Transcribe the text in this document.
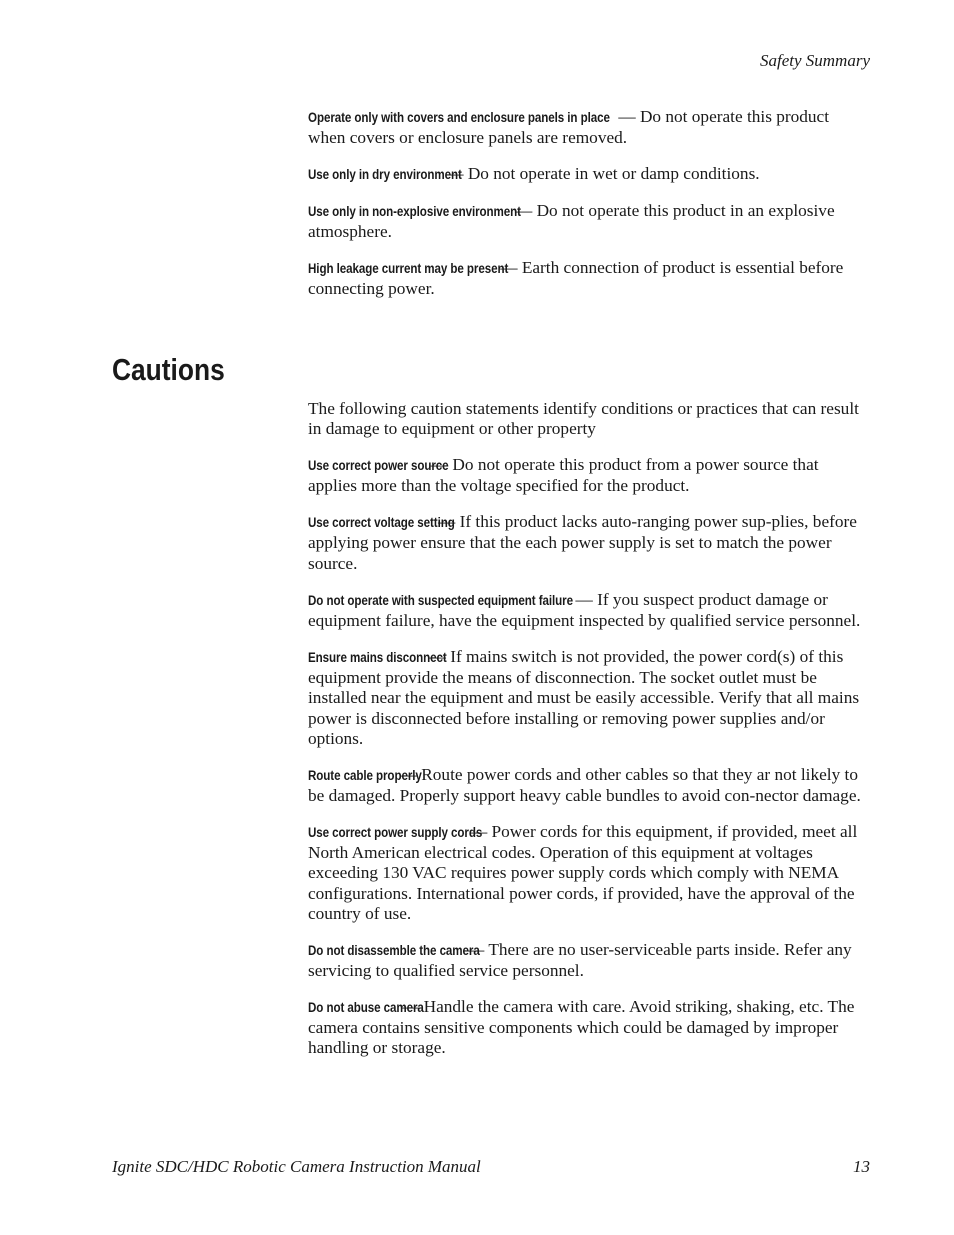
Safety Summary

Operate only with covers and enclosure panels in place — Do not operate this product when covers or enclosure panels are removed.

Use only in dry environment — Do not operate in wet or damp conditions.

Use only in non-explosive environment — Do not operate this product in an explosive atmosphere.

High leakage current may be present — Earth connection of product is essential before connecting power.

Cautions

The following caution statements identify conditions or practices that can result in damage to equipment or other property

Use correct power source — Do not operate this product from a power source that applies more than the voltage specified for the product.

Use correct voltage setting — If this product lacks auto-ranging power sup-plies, before applying power ensure that the each power supply is set to match the power source.

Do not operate with suspected equipment failure — If you suspect product damage or equipment failure, have the equipment inspected by qualified service personnel.

Ensure mains disconnect — If mains switch is not provided, the power cord(s) of this equipment provide the means of disconnection. The socket outlet must be installed near the equipment and must be easily accessible. Verify that all mains power is disconnected before installing or removing power supplies and/or options.

Route cable properly — Route power cords and other cables so that they ar not likely to be damaged. Properly support heavy cable bundles to avoid con-nector damage.

Use correct power supply cords — Power cords for this equipment, if provided, meet all North American electrical codes. Operation of this equipment at voltages exceeding 130 VAC requires power supply cords which comply with NEMA configurations. International power cords, if provided, have the approval of the country of use.

Do not disassemble the camera — There are no user-serviceable parts inside. Refer any servicing to qualified service personnel.

Do not abuse camera — Handle the camera with care. Avoid striking, shaking, etc. The camera contains sensitive components which could be damaged by improper handling or storage.

Ignite SDC/HDC Robotic Camera Instruction Manual	13
